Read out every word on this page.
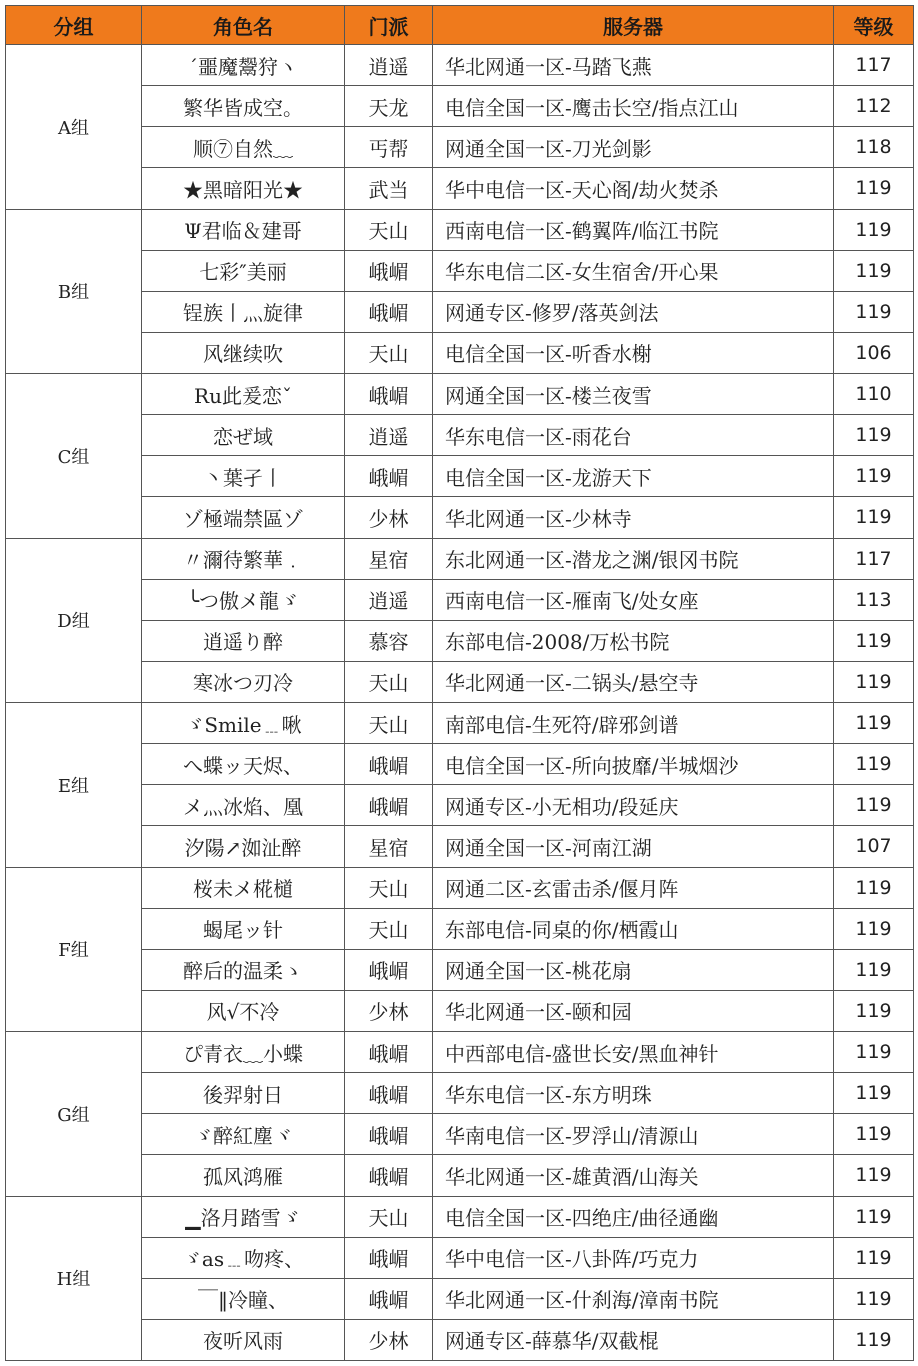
分组	角色名	门派	服务器	等级
A组	ˊ噩魔鬶狩ヽ	逍遥	华北网通一区-马踏飞燕	117
	繁华皆成空。	天龙	电信全国一区-鹰击长空/指点江山	112
	顺⑦自然﹏	丐帮	网通全国一区-刀光剑影	118
	★黑暗阳光★	武当	华中电信一区-天心阁/劫火焚杀	119
B组	Ψ君临＆建哥	天山	西南电信一区-鹤翼阵/临江书院	119
	七彩″美丽	峨嵋	华东电信二区-女生宿舍/开心果	119
	锃族丨灬旋律	峨嵋	网通专区-修罗/落英剑法	119
	风继续吹	天山	电信全国一区-听香水榭	106
C组	Ru此爰恋ˇ	峨嵋	网通全国一区-楼兰夜雪	110
	恋ぜ域	逍遥	华东电信一区-雨花台	119
	丶葉孑丨	峨嵋	电信全国一区-龙游天下	119
	ゾ極端禁區ゾ	少林	华北网通一区-少林寺	119
D组	〃濔待繁華﹒	星宿	东北网通一区-潜龙之渊/银冈书院	117
	╰つ傲メ龍ゞ	逍遥	西南电信一区-雁南飞/处女座	113
	逍遥り醉	慕容	东部电信-2008/万松书院	119
	寒冰つ刃冷	天山	华北网通一区-二锅头/悬空寺	119
E组	ゞSmile﹍啾	天山	南部电信-生死符/辟邪剑谱	119
	へ蝶ッ天烬、	峨嵋	电信全国一区-所向披靡/半城烟沙	119
	メ灬冰焰、凰	峨嵋	网通专区-小无相功/段延庆	119
	汐陽↗洳沚醉	星宿	网通全国一区-河南江湖	107
F组	桜未メ椛檤	天山	网通二区-玄雷击杀/偃月阵	119
	蝎尾ッ针	天山	东部电信-同桌的你/栖霞山	119
	醉后的温柔ゝ	峨嵋	网通全国一区-桃花扇	119
	风√不冷	少林	华北网通一区-颐和园	119
G组	ぴ青衣﹏小蝶	峨嵋	中西部电信-盛世长安/黑血神针	119
	後羿射日	峨嵋	华东电信一区-东方明珠	119
	ゞ醉紅塵ヾ	峨嵋	华南电信一区-罗浮山/清源山	119
	孤风鸿雁	峨嵋	华北网通一区-雄黄酒/山海关	119
H组	▁洛月踏雪ゞ	天山	电信全国一区-四绝庄/曲径通幽	119
	ゞas﹍吻疼、	峨嵋	华中电信一区-八卦阵/巧克力	119
	￣‖冷瞳、	峨嵋	华北网通一区-什刹海/漳南书院	119
	夜听风雨	少林	网通专区-薛慕华/双截棍	119
